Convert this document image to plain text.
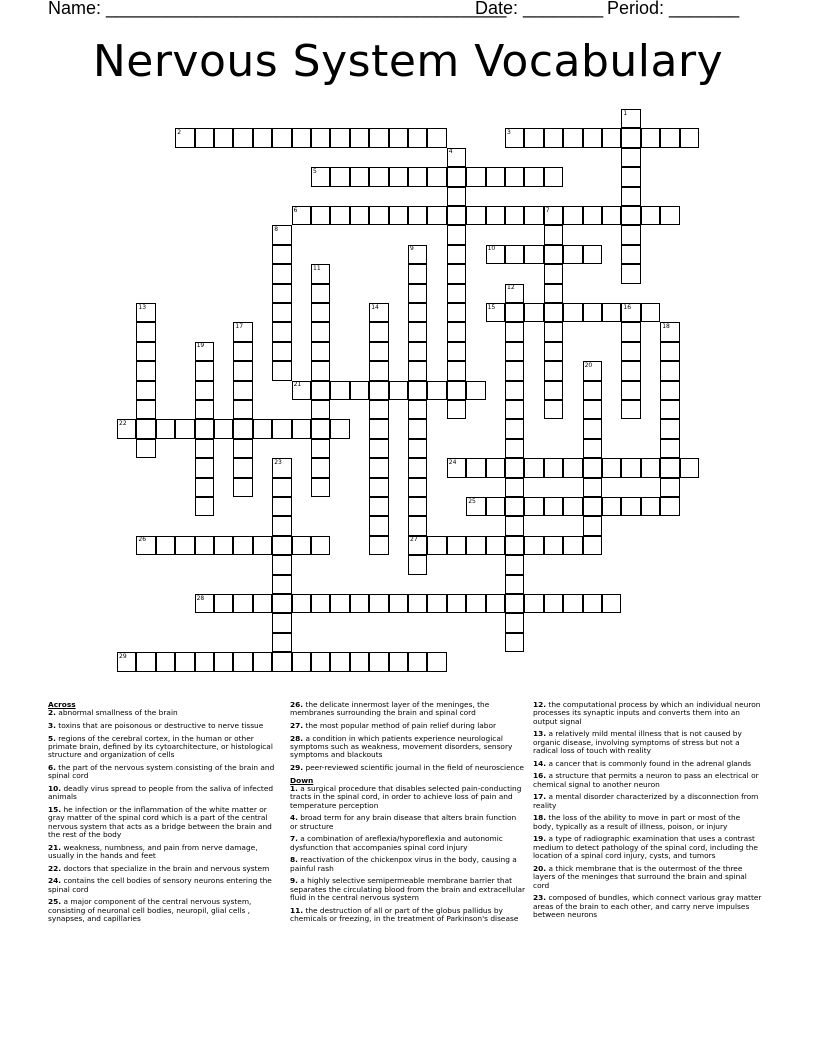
Name: ________________________________________
Date: ________ Period: _______
Nervous System Vocabulary
1
2	3
4
5
6	7
8
9	10
11
12
13	14	15	16
17	18
19
20
21
22
23	24
25
26	27
28
29
Across
2. abnormal smallness of the brain
3. toxins that are poisonous or destructive to nerve tissue
5. regions of the cerebral cortex, in the human or other primate brain, defined by its cytoarchitecture, or histological structure and organization of cells
6. the part of the nervous system consisting of the brain and spinal cord
10. deadly virus spread to people from the saliva of infected animals
15. he infection or the inflammation of the white matter or gray matter of the spinal cord which is a part of the central nervous system that acts as a bridge between the brain and the rest of the body
21. weakness, numbness, and pain from nerve damage, usually in the hands and feet
22. doctors that specialize in the brain and nervous system
24. contains the cell bodies of sensory neurons entering the spinal cord
25. a major component of the central nervous system, consisting of neuronal cell bodies, neuropil, glial cells , synapses, and capillaries
26. the delicate innermost layer of the meninges, the membranes surrounding the brain and spinal cord
27. the most popular method of pain relief during labor
28. a condition in which patients experience neurological symptoms such as weakness, movement disorders, sensory symptoms and blackouts
29. peer-reviewed scientific journal in the field of neuroscience
Down
1. a surgical procedure that disables selected pain-conducting tracts in the spinal cord, in order to achieve loss of pain and temperature perception
4. broad term for any brain disease that alters brain function or structure
7. a combination of areflexia/hyporeflexia and autonomic dysfunction that accompanies spinal cord injury
8. reactivation of the chickenpox virus in the body, causing a painful rash
9. a highly selective semipermeable membrane barrier that separates the circulating blood from the brain and extracellular fluid in the central nervous system
11. the destruction of all or part of the globus pallidus by chemicals or freezing, in the treatment of Parkinson's disease
12. the computational process by which an individual neuron processes its synaptic inputs and converts them into an output signal
13. a relatively mild mental illness that is not caused by organic disease, involving symptoms of stress but not a radical loss of touch with reality
14. a cancer that is commonly found in the adrenal glands
16. a structure that permits a neuron to pass an electrical or chemical signal to another neuron
17. a mental disorder characterized by a disconnection from reality
18. the loss of the ability to move in part or most of the body, typically as a result of illness, poison, or injury
19. a type of radiographic examination that uses a contrast medium to detect pathology of the spinal cord, including the location of a spinal cord injury, cysts, and tumors
20. a thick membrane that is the outermost of the three layers of the meninges that surround the brain and spinal cord
23. composed of bundles, which connect various gray matter areas of the brain to each other, and carry nerve impulses between neurons
